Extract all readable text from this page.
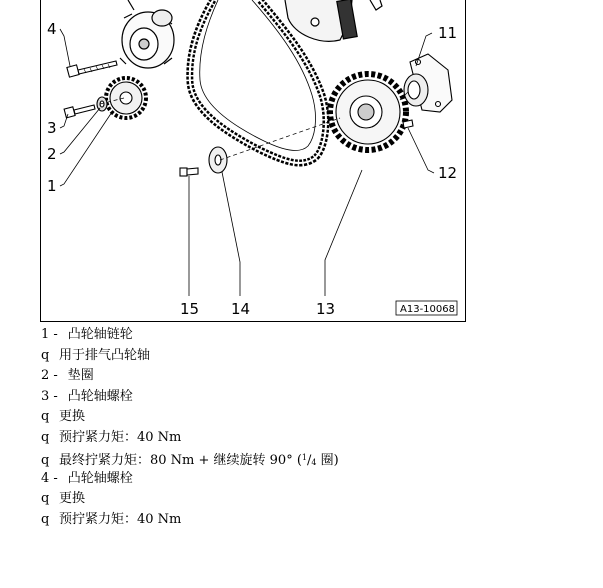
4
3
2
1
11
12
15 14	13	A13-10068
1 - 凸轮轴链轮
q 用于排气凸轮轴
2 - 垫圈
3 - 凸轮轴螺栓
q 更换
q 预拧紧力矩：40 Nm
q 最终拧紧力矩：80 Nm + 继续旋转 90° ($^1/_4$ 圈)
4 - 凸轮轴螺栓
q 更换
q 预拧紧力矩：40 Nm
